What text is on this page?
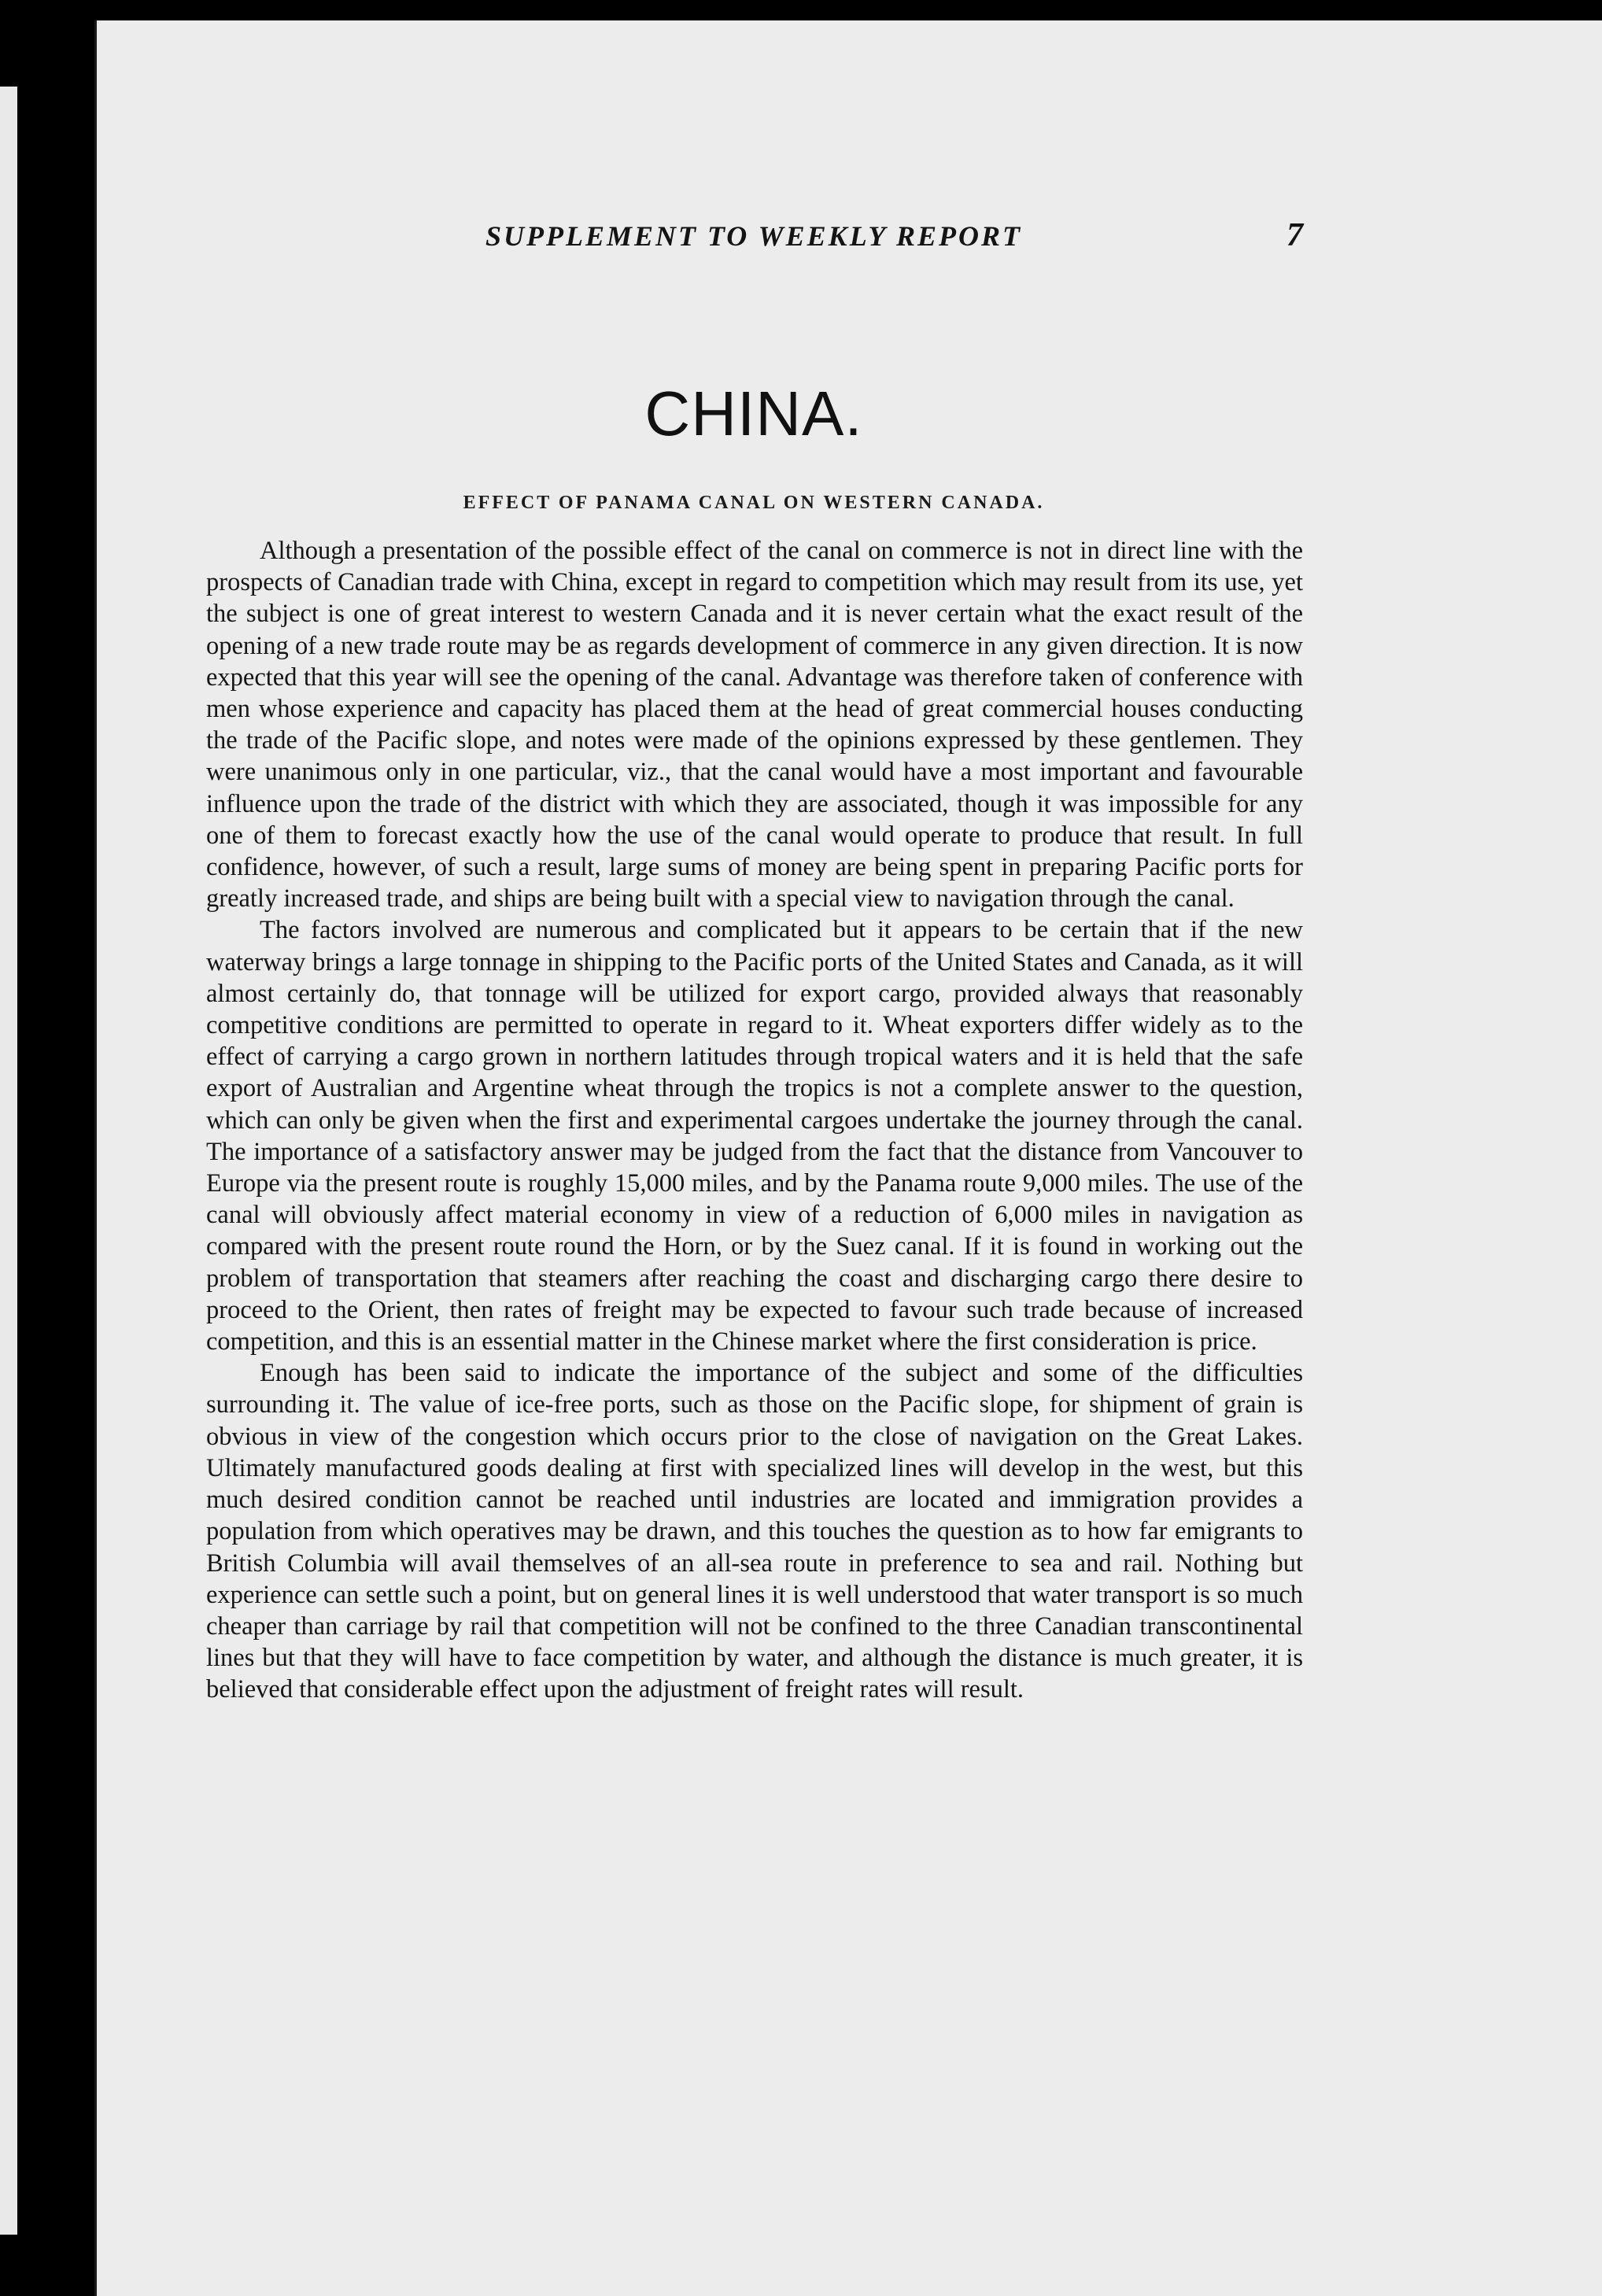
SUPPLEMENT TO WEEKLY REPORT	7
CHINA.
EFFECT OF PANAMA CANAL ON WESTERN CANADA.

Although a presentation of the possible effect of the canal on commerce is not in direct line with the prospects of Canadian trade with China, except in regard to competition which may result from its use, yet the subject is one of great interest to western Canada and it is never certain what the exact result of the opening of a new trade route may be as regards development of commerce in any given direction. It is now expected that this year will see the opening of the canal. Advantage was therefore taken of conference with men whose experience and capacity has placed them at the head of great commercial houses conducting the trade of the Pacific slope, and notes were made of the opinions expressed by these gentlemen. They were unanimous only in one particular, viz., that the canal would have a most important and favourable influence upon the trade of the district with which they are associated, though it was impossible for any one of them to forecast exactly how the use of the canal would operate to produce that result. In full confidence, however, of such a result, large sums of money are being spent in preparing Pacific ports for greatly increased trade, and ships are being built with a special view to navigation through the canal.

The factors involved are numerous and complicated but it appears to be certain that if the new waterway brings a large tonnage in shipping to the Pacific ports of the United States and Canada, as it will almost certainly do, that tonnage will be utilized for export cargo, provided always that reasonably competitive conditions are permitted to operate in regard to it. Wheat exporters differ widely as to the effect of carrying a cargo grown in northern latitudes through tropical waters and it is held that the safe export of Australian and Argentine wheat through the tropics is not a complete answer to the question, which can only be given when the first and experimental cargoes undertake the journey through the canal. The importance of a satisfactory answer may be judged from the fact that the distance from Vancouver to Europe via the present route is roughly 15,000 miles, and by the Panama route 9,000 miles. The use of the canal will obviously affect material economy in view of a reduction of 6,000 miles in navigation as compared with the present route round the Horn, or by the Suez canal. If it is found in working out the problem of transportation that steamers after reaching the coast and discharging cargo there desire to proceed to the Orient, then rates of freight may be expected to favour such trade because of increased competition, and this is an essential matter in the Chinese market where the first consideration is price.

Enough has been said to indicate the importance of the subject and some of the difficulties surrounding it. The value of ice-free ports, such as those on the Pacific slope, for shipment of grain is obvious in view of the congestion which occurs prior to the close of navigation on the Great Lakes. Ultimately manufactured goods dealing at first with specialized lines will develop in the west, but this much desired condition cannot be reached until industries are located and immigration provides a population from which operatives may be drawn, and this touches the question as to how far emigrants to British Columbia will avail themselves of an all-sea route in preference to sea and rail. Nothing but experience can settle such a point, but on general lines it is well understood that water transport is so much cheaper than carriage by rail that competition will not be confined to the three Canadian transcontinental lines but that they will have to face competition by water, and although the distance is much greater, it is believed that considerable effect upon the adjustment of freight rates will result.
